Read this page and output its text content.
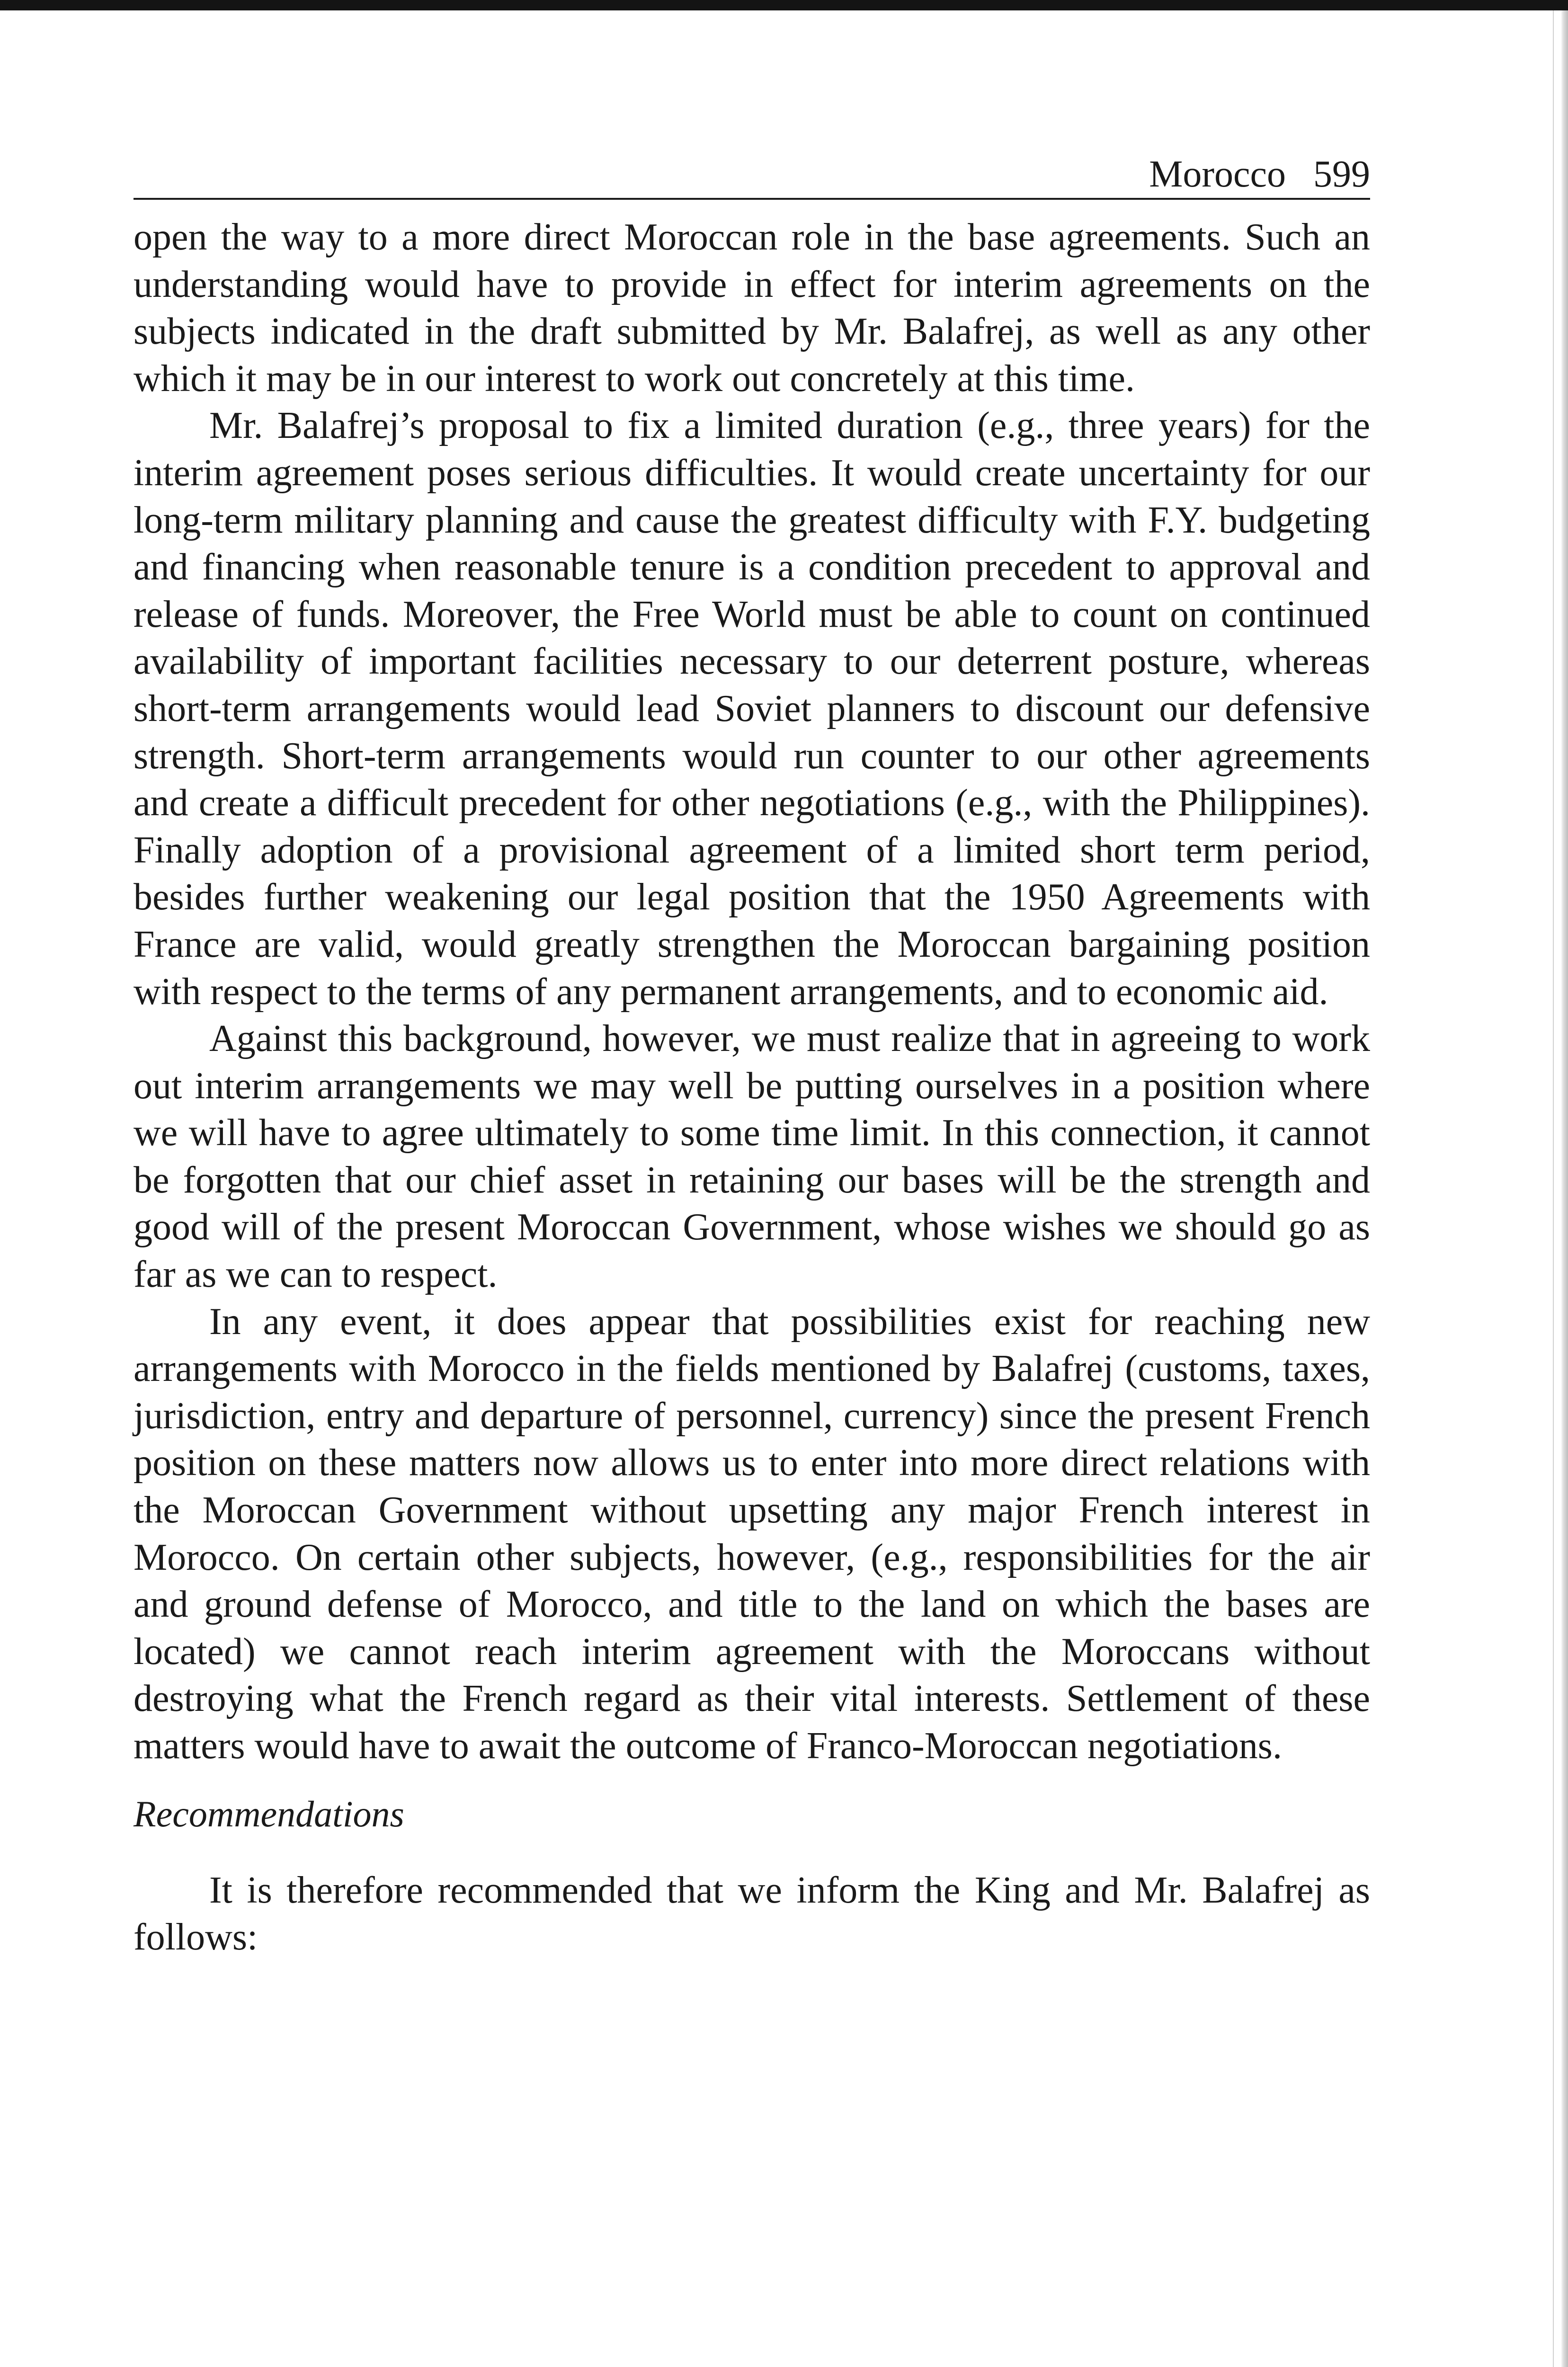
Morocco 599

open the way to a more direct Moroccan role in the base agreements. Such an understanding would have to provide in effect for interim agreements on the subjects indicated in the draft submitted by Mr. Balafrej, as well as any other which it may be in our interest to work out concretely at this time.

Mr. Balafrej’s proposal to fix a limited duration (e.g., three years) for the interim agreement poses serious difficulties. It would create uncertainty for our long-term military planning and cause the greatest difficulty with F.Y. budgeting and financing when reasonable tenure is a condition precedent to approval and release of funds. Moreover, the Free World must be able to count on continued availability of important facilities necessary to our deterrent posture, whereas short-term arrangements would lead Soviet planners to discount our defensive strength. Short-term arrangements would run counter to our other agreements and create a difficult precedent for other negotiations (e.g., with the Philippines). Finally adoption of a provisional agreement of a limited short term period, besides further weakening our legal position that the 1950 Agreements with France are valid, would greatly strengthen the Moroccan bargaining position with respect to the terms of any permanent arrangements, and to economic aid.

Against this background, however, we must realize that in agreeing to work out interim arrangements we may well be putting ourselves in a position where we will have to agree ultimately to some time limit. In this connection, it cannot be forgotten that our chief asset in retaining our bases will be the strength and good will of the present Moroccan Government, whose wishes we should go as far as we can to respect.

In any event, it does appear that possibilities exist for reaching new arrangements with Morocco in the fields mentioned by Balafrej (customs, taxes, jurisdiction, entry and departure of personnel, currency) since the present French position on these matters now allows us to enter into more direct relations with the Moroccan Government without upsetting any major French interest in Morocco. On certain other subjects, however, (e.g., responsibilities for the air and ground defense of Morocco, and title to the land on which the bases are located) we cannot reach interim agreement with the Moroccans without destroying what the French regard as their vital interests. Settlement of these matters would have to await the outcome of Franco-Moroccan negotiations.

Recommendations

It is therefore recommended that we inform the King and Mr. Balafrej as follows:
